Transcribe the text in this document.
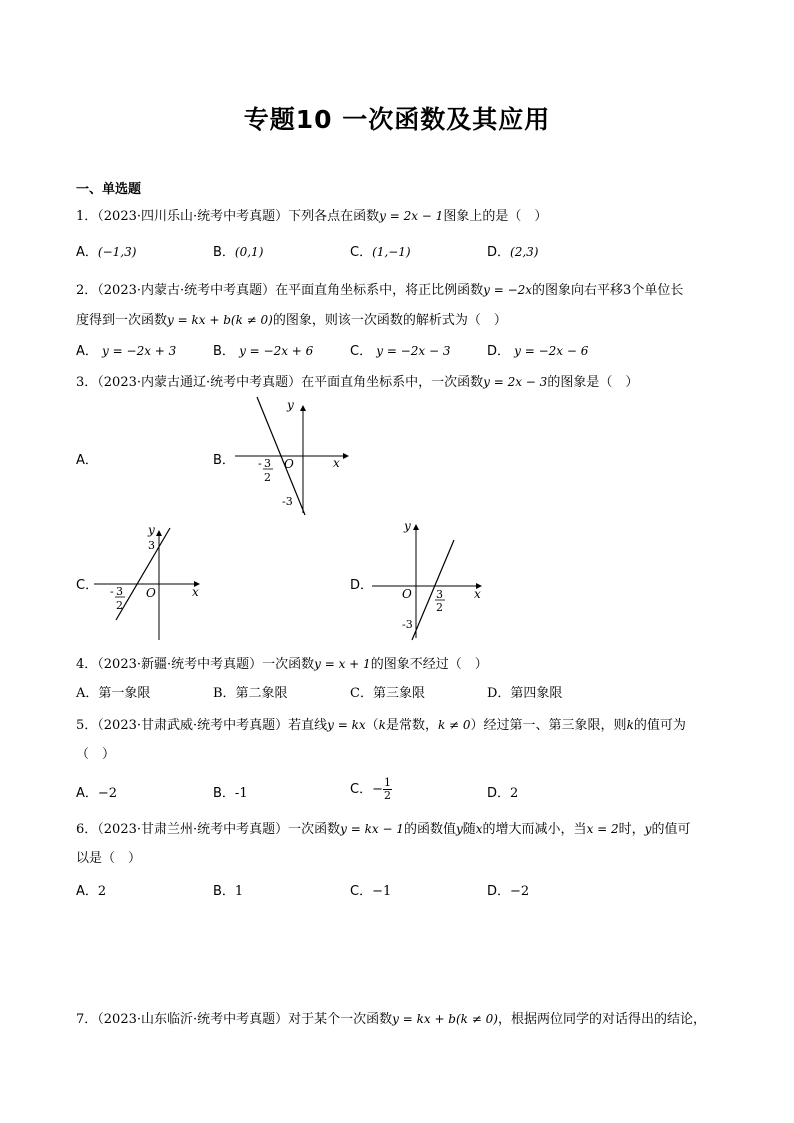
专题10 一次函数及其应用
一、单选题
1．（2023·四川乐山·统考中考真题）下列各点在函数y = 2x − 1图象上的是（　）
A．(−1,3)	B．(0,1)	C．(1,−1)	D．(2,3)
2．（2023·内蒙古·统考中考真题）在平面直角坐标系中，将正比例函数y = −2x的图象向右平移3个单位长
度得到一次函数y = kx + b(k ≠ 0)的图象，则该一次函数的解析式为（　）
A． y = −2x + 3	B． y = −2x + 6	C． y = −2x − 3	D． y = −2x − 6
3．（2023·内蒙古通辽·统考中考真题）在平面直角坐标系中，一次函数y = 2x − 3的图象是（　）
A．	B．
y
x
O
- 3
2
-3
C．
y
x
O
3
- 3
2
D．
y
x
O 3
2
-3
4．（2023·新疆·统考中考真题）一次函数y = x + 1的图象不经过（　）
A．第一象限	B．第二象限	C．第三象限	D．第四象限
5．（2023·甘肃武威·统考中考真题）若直线y = kx（k是常数，k ≠ 0）经过第一、第三象限，则k的值可为
（　）
A．−2	B．-1	C．− $\frac{1}{2}$	D．2
6．（2023·甘肃兰州·统考中考真题）一次函数y = kx − 1的函数值y随x的增大而减小，当x = 2时，y的值可
以是（　）
A．2	B．1	C．−1	D．−2
7．（2023·山东临沂·统考中考真题）对于某个一次函数y = kx + b(k ≠ 0)，根据两位同学的对话得出的结论，
